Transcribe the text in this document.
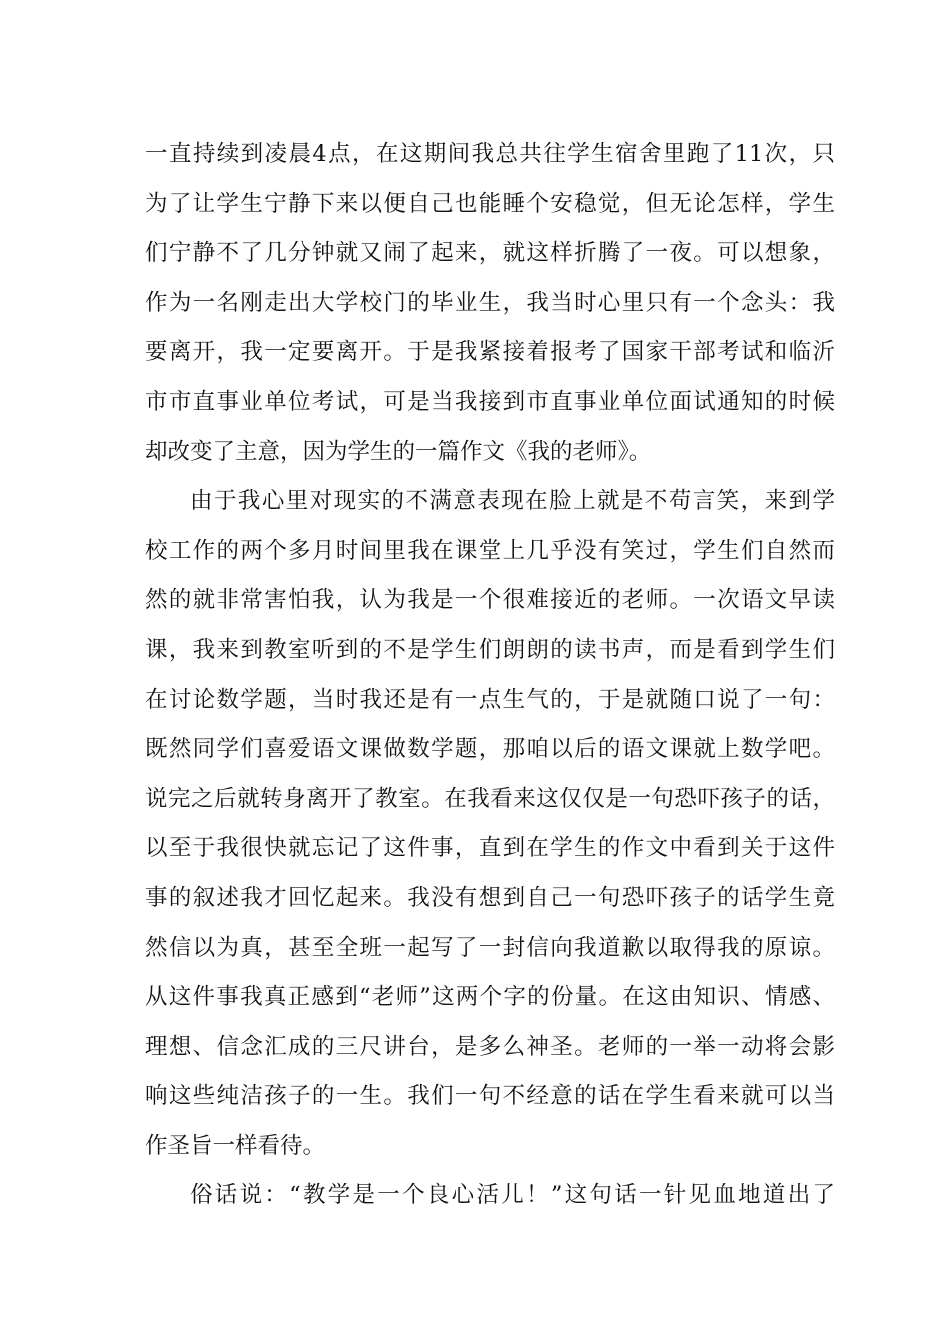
一直持续到凌晨4点，在这期间我总共往学生宿舍里跑了11次，只
为了让学生宁静下来以便自己也能睡个安稳觉，但无论怎样，学生
们宁静不了几分钟就又闹了起来，就这样折腾了一夜。可以想象，
作为一名刚走出大学校门的毕业生，我当时心里只有一个念头：我
要离开，我一定要离开。于是我紧接着报考了国家干部考试和临沂
市市直事业单位考试，可是当我接到市直事业单位面试通知的时候
却改变了主意，因为学生的一篇作文《我的老师》。
由于我心里对现实的不满意表现在脸上就是不苟言笑，来到学
校工作的两个多月时间里我在课堂上几乎没有笑过，学生们自然而
然的就非常害怕我，认为我是一个很难接近的老师。一次语文早读
课，我来到教室听到的不是学生们朗朗的读书声，而是看到学生们
在讨论数学题，当时我还是有一点生气的，于是就随口说了一句：
既然同学们喜爱语文课做数学题，那咱以后的语文课就上数学吧。
说完之后就转身离开了教室。在我看来这仅仅是一句恐吓孩子的话，
以至于我很快就忘记了这件事，直到在学生的作文中看到关于这件
事的叙述我才回忆起来。我没有想到自己一句恐吓孩子的话学生竟
然信以为真，甚至全班一起写了一封信向我道歉以取得我的原谅。
从这件事我真正感到“老师”这两个字的份量。在这由知识、情感、
理想、信念汇成的三尺讲台，是多么神圣。老师的一举一动将会影
响这些纯洁孩子的一生。我们一句不经意的话在学生看来就可以当
作圣旨一样看待。
俗话说：“教学是一个良心活儿！”这句话一针见血地道出了
